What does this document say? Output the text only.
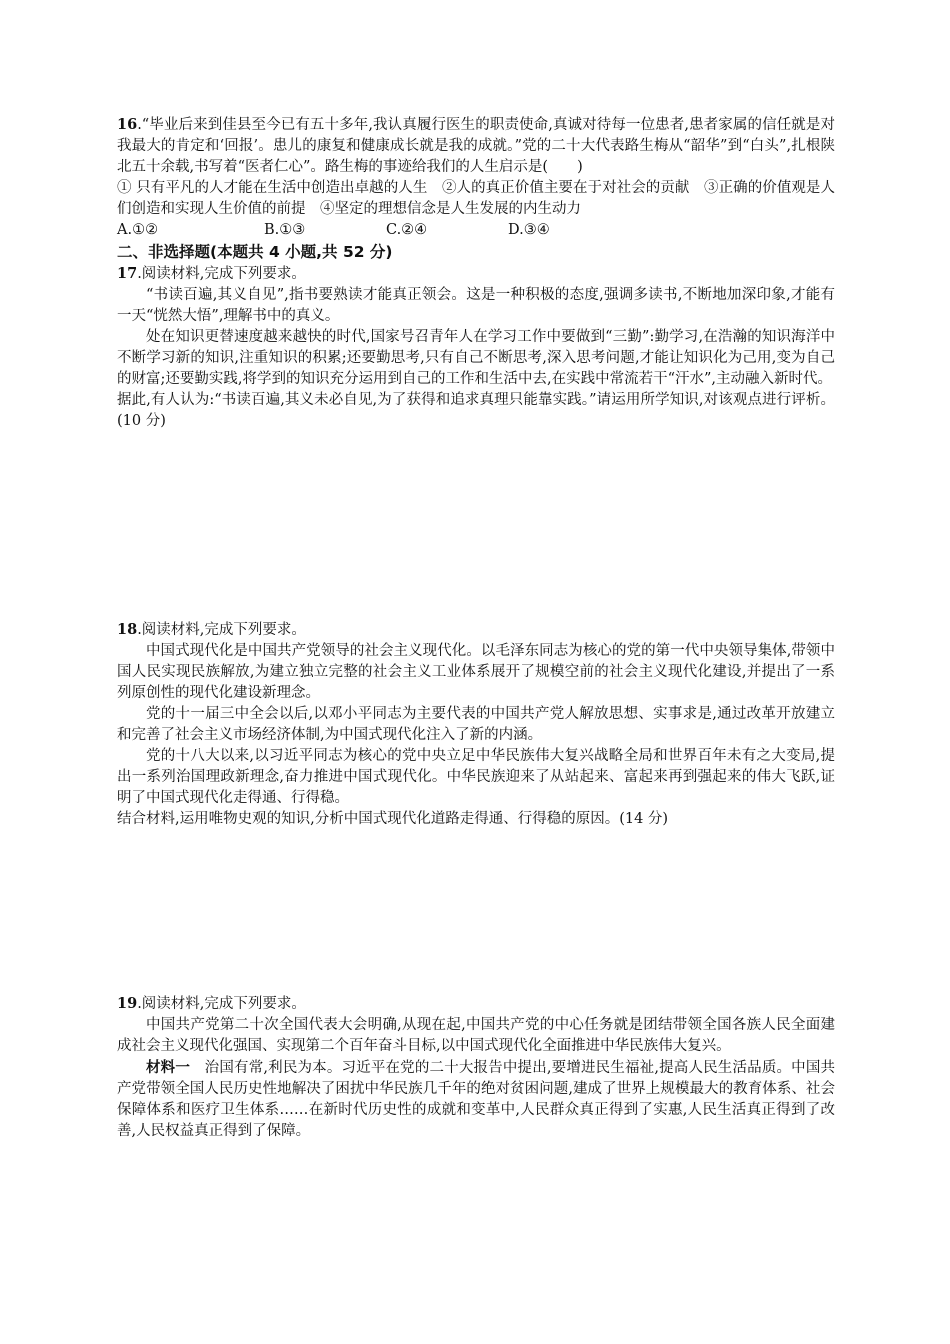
16.“毕业后来到佳县至今已有五十多年,我认真履行医生的职责使命,真诚对待每一位患者,患者家属的信任就是对我最大的肯定和‘回报’。患儿的康复和健康成长就是我的成就。”党的二十大代表路生梅从“韶华”到“白头”,扎根陕北五十余载,书写着“医者仁心”。路生梅的事迹给我们的人生启示是(　　)

① 只有平凡的人才能在生活中创造出卓越的人生　②人的真正价值主要在于对社会的贡献　③正确的价值观是人们创造和实现人生价值的前提　④坚定的理想信念是人生发展的内生动力

A.①②	B.①③	C.②④	D.③④
二、非选择题(本题共 4 小题,共 52 分)

17.阅读材料,完成下列要求。

“书读百遍,其义自见”,指书要熟读才能真正领会。这是一种积极的态度,强调多读书,不断地加深印象,才能有一天“恍然大悟”,理解书中的真义。

处在知识更替速度越来越快的时代,国家号召青年人在学习工作中要做到“三勤”:勤学习,在浩瀚的知识海洋中不断学习新的知识,注重知识的积累;还要勤思考,只有自己不断思考,深入思考问题,才能让知识化为己用,变为自己的财富;还要勤实践,将学到的知识充分运用到自己的工作和生活中去,在实践中常流若干“汗水”,主动融入新时代。

据此,有人认为:“书读百遍,其义未必自见,为了获得和追求真理只能靠实践。”请运用所学知识,对该观点进行评析。(10 分)

18.阅读材料,完成下列要求。

中国式现代化是中国共产党领导的社会主义现代化。以毛泽东同志为核心的党的第一代中央领导集体,带领中国人民实现民族解放,为建立独立完整的社会主义工业体系展开了规模空前的社会主义现代化建设,并提出了一系列原创性的现代化建设新理念。

党的十一届三中全会以后,以邓小平同志为主要代表的中国共产党人解放思想、实事求是,通过改革开放建立和完善了社会主义市场经济体制,为中国式现代化注入了新的内涵。

党的十八大以来,以习近平同志为核心的党中央立足中华民族伟大复兴战略全局和世界百年未有之大变局,提出一系列治国理政新理念,奋力推进中国式现代化。中华民族迎来了从站起来、富起来再到强起来的伟大飞跃,证明了中国式现代化走得通、行得稳。

结合材料,运用唯物史观的知识,分析中国式现代化道路走得通、行得稳的原因。(14 分)

19.阅读材料,完成下列要求。

中国共产党第二十次全国代表大会明确,从现在起,中国共产党的中心任务就是团结带领全国各族人民全面建成社会主义现代化强国、实现第二个百年奋斗目标,以中国式现代化全面推进中华民族伟大复兴。

材料一　治国有常,利民为本。习近平在党的二十大报告中提出,要增进民生福祉,提高人民生活品质。中国共产党带领全国人民历史性地解决了困扰中华民族几千年的绝对贫困问题,建成了世界上规模最大的教育体系、社会保障体系和医疗卫生体系……在新时代历史性的成就和变革中,人民群众真正得到了实惠,人民生活真正得到了改善,人民权益真正得到了保障。
